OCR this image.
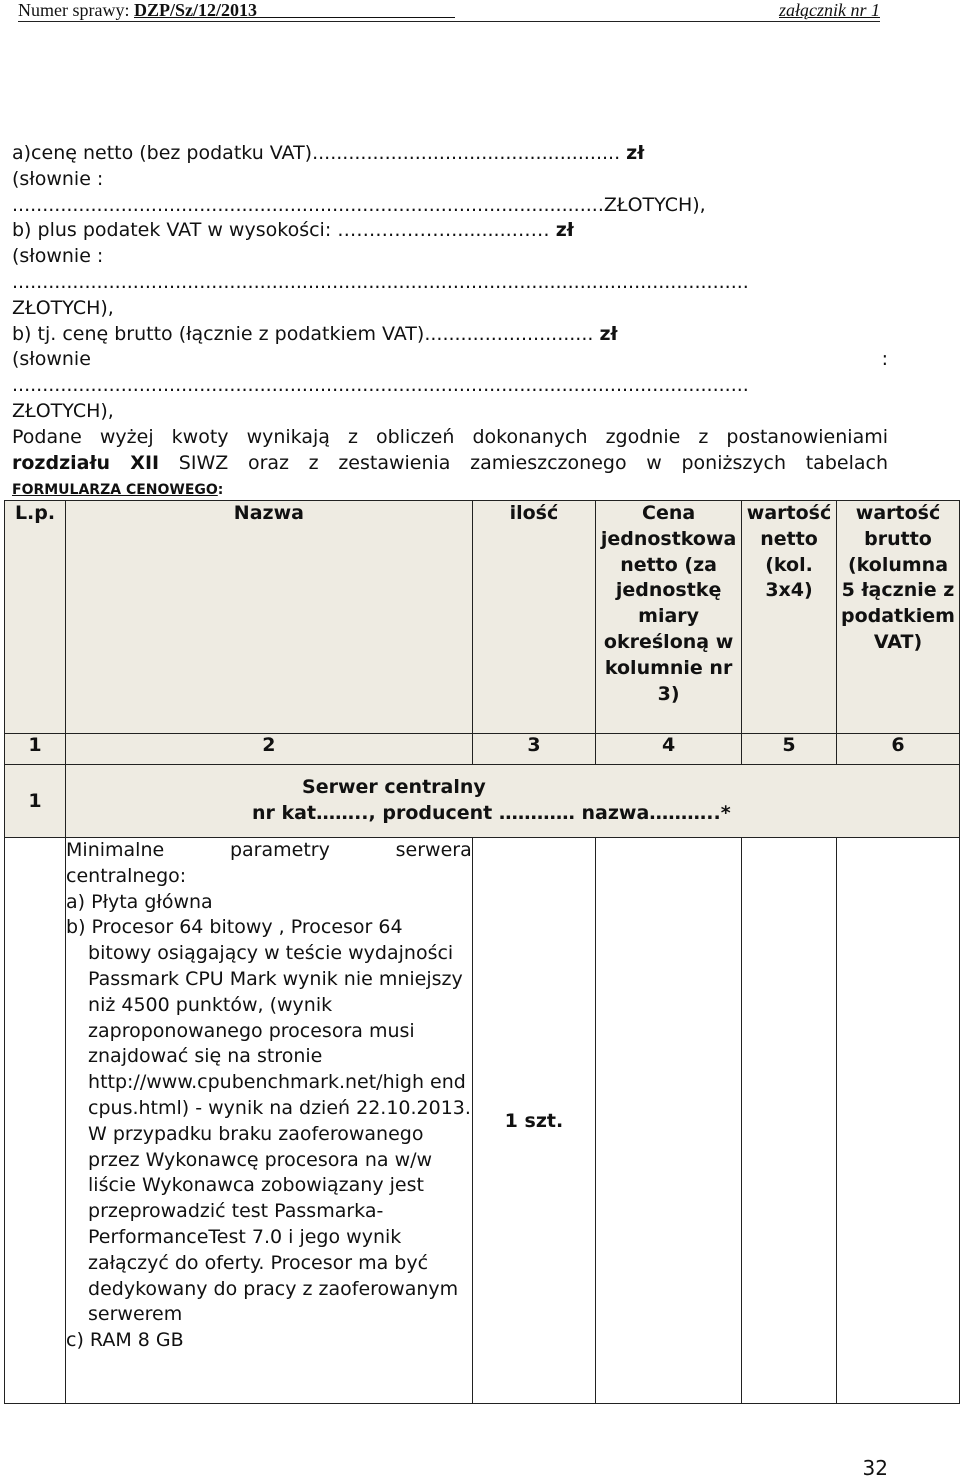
Numer sprawy: DZP/Sz/12/2013	załącznik nr 1
a)cenę netto (bez podatku VAT)................................................... zł
(słownie :
..................................................................................................ZŁOTYCH),
b) plus podatek VAT w wysokości: ………………..........…… zł
(słownie :
..........................................................................................................................
ZŁOTYCH),
b) tj. cenę brutto (łącznie z podatkiem VAT)............................ zł
(słownie	:
..........................................................................................................................
ZŁOTYCH),
Podane wyżej kwoty wynikają z obliczeń dokonanych zgodnie z postanowieniami
rozdziału XII SIWZ oraz z zestawienia zamieszczonego w poniższych tabelach
FORMULARZA CENOWEGO:
L.p.	Nazwa	ilość	Cena jednostkowa netto (za jednostkę miary określoną w kolumnie nr 3)	wartość netto (kol. 3x4)	wartość brutto (kolumna 5 łącznie z podatkiem VAT)
1	2	3	4	5	6
1	Serwer centralny
nr kat…….., producent ………… nazwa………..*				

	Minimalne parametry serwera centralnego:
a) Płyta główna
b) Procesor 64 bitowy , Procesor 64 bitowy osiągający w teście wydajności Passmark CPU Mark wynik nie mniejszy niż 4500 punktów, (wynik zaproponowanego procesora musi znajdować się na stronie http://www.cpubenchmark.net/high end cpus.html) - wynik na dzień 22.10.2013. W przypadku braku zaoferowanego przez Wykonawcę procesora na w/w liście Wykonawca zobowiązany jest przeprowadzić test Passmarka-PerformanceTest 7.0 i jego wynik załączyć do oferty. Procesor ma być dedykowany do pracy z zaoferowanym serwerem
c) RAM 8 GB	1 szt.			
32
